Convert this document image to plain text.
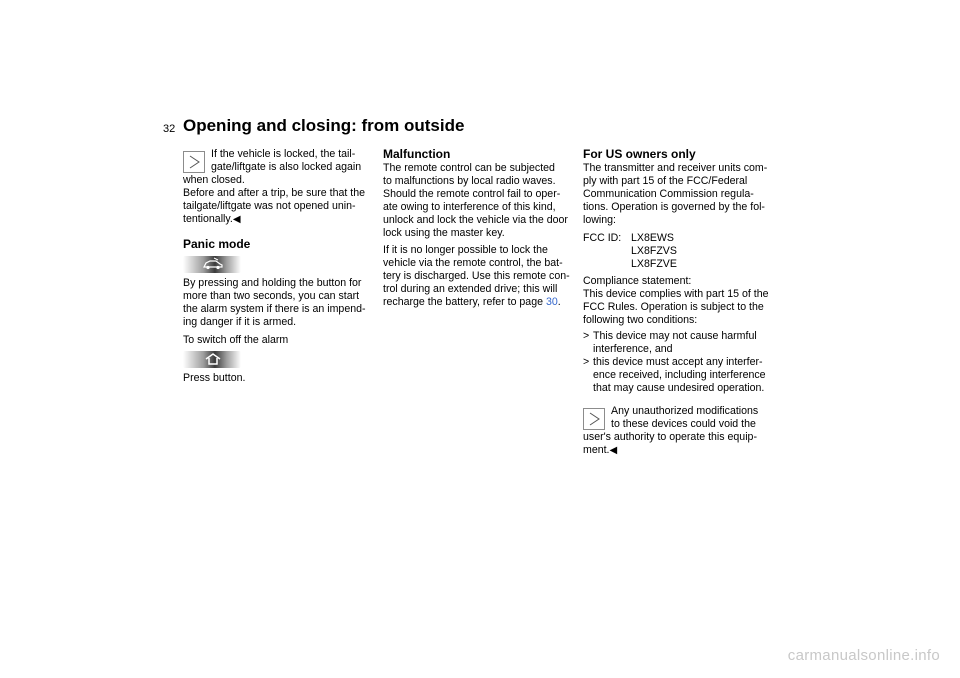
32 Opening and closing: from outside
If the vehicle is locked, the tail-
gate/liftgate is also locked again
when closed.
Before and after a trip, be sure that the
tailgate/liftgate was not opened unin-
tentionally.◀
Panic mode
By pressing and holding the button for
more than two seconds, you can start
the alarm system if there is an impend-
ing danger if it is armed.

To switch off the alarm

Press button.

Malfunction
The remote control can be subjected
to malfunctions by local radio waves.
Should the remote control fail to oper-
ate owing to interference of this kind,
unlock and lock the vehicle via the door
lock using the master key.
If it is no longer possible to lock the
vehicle via the remote control, the bat-
tery is discharged. Use this remote con-
trol during an extended drive; this will
recharge the battery, refer to page 30.
For US owners only
The transmitter and receiver units com-
ply with part 15 of the FCC/Federal
Communication Commission regula-
tions. Operation is governed by the fol-
lowing:
FCC ID: LX8EWS
LX8FZVS
LX8FZVE
Compliance statement:
This device complies with part 15 of the
FCC Rules. Operation is subject to the
following two conditions:
> This device may not cause harmful
interference, and
> this device must accept any interfer-
ence received, including interference
that may cause undesired operation.
Any unauthorized modifications
to these devices could void the
user's authority to operate this equip-
ment.◀
carmanualsonline.info
